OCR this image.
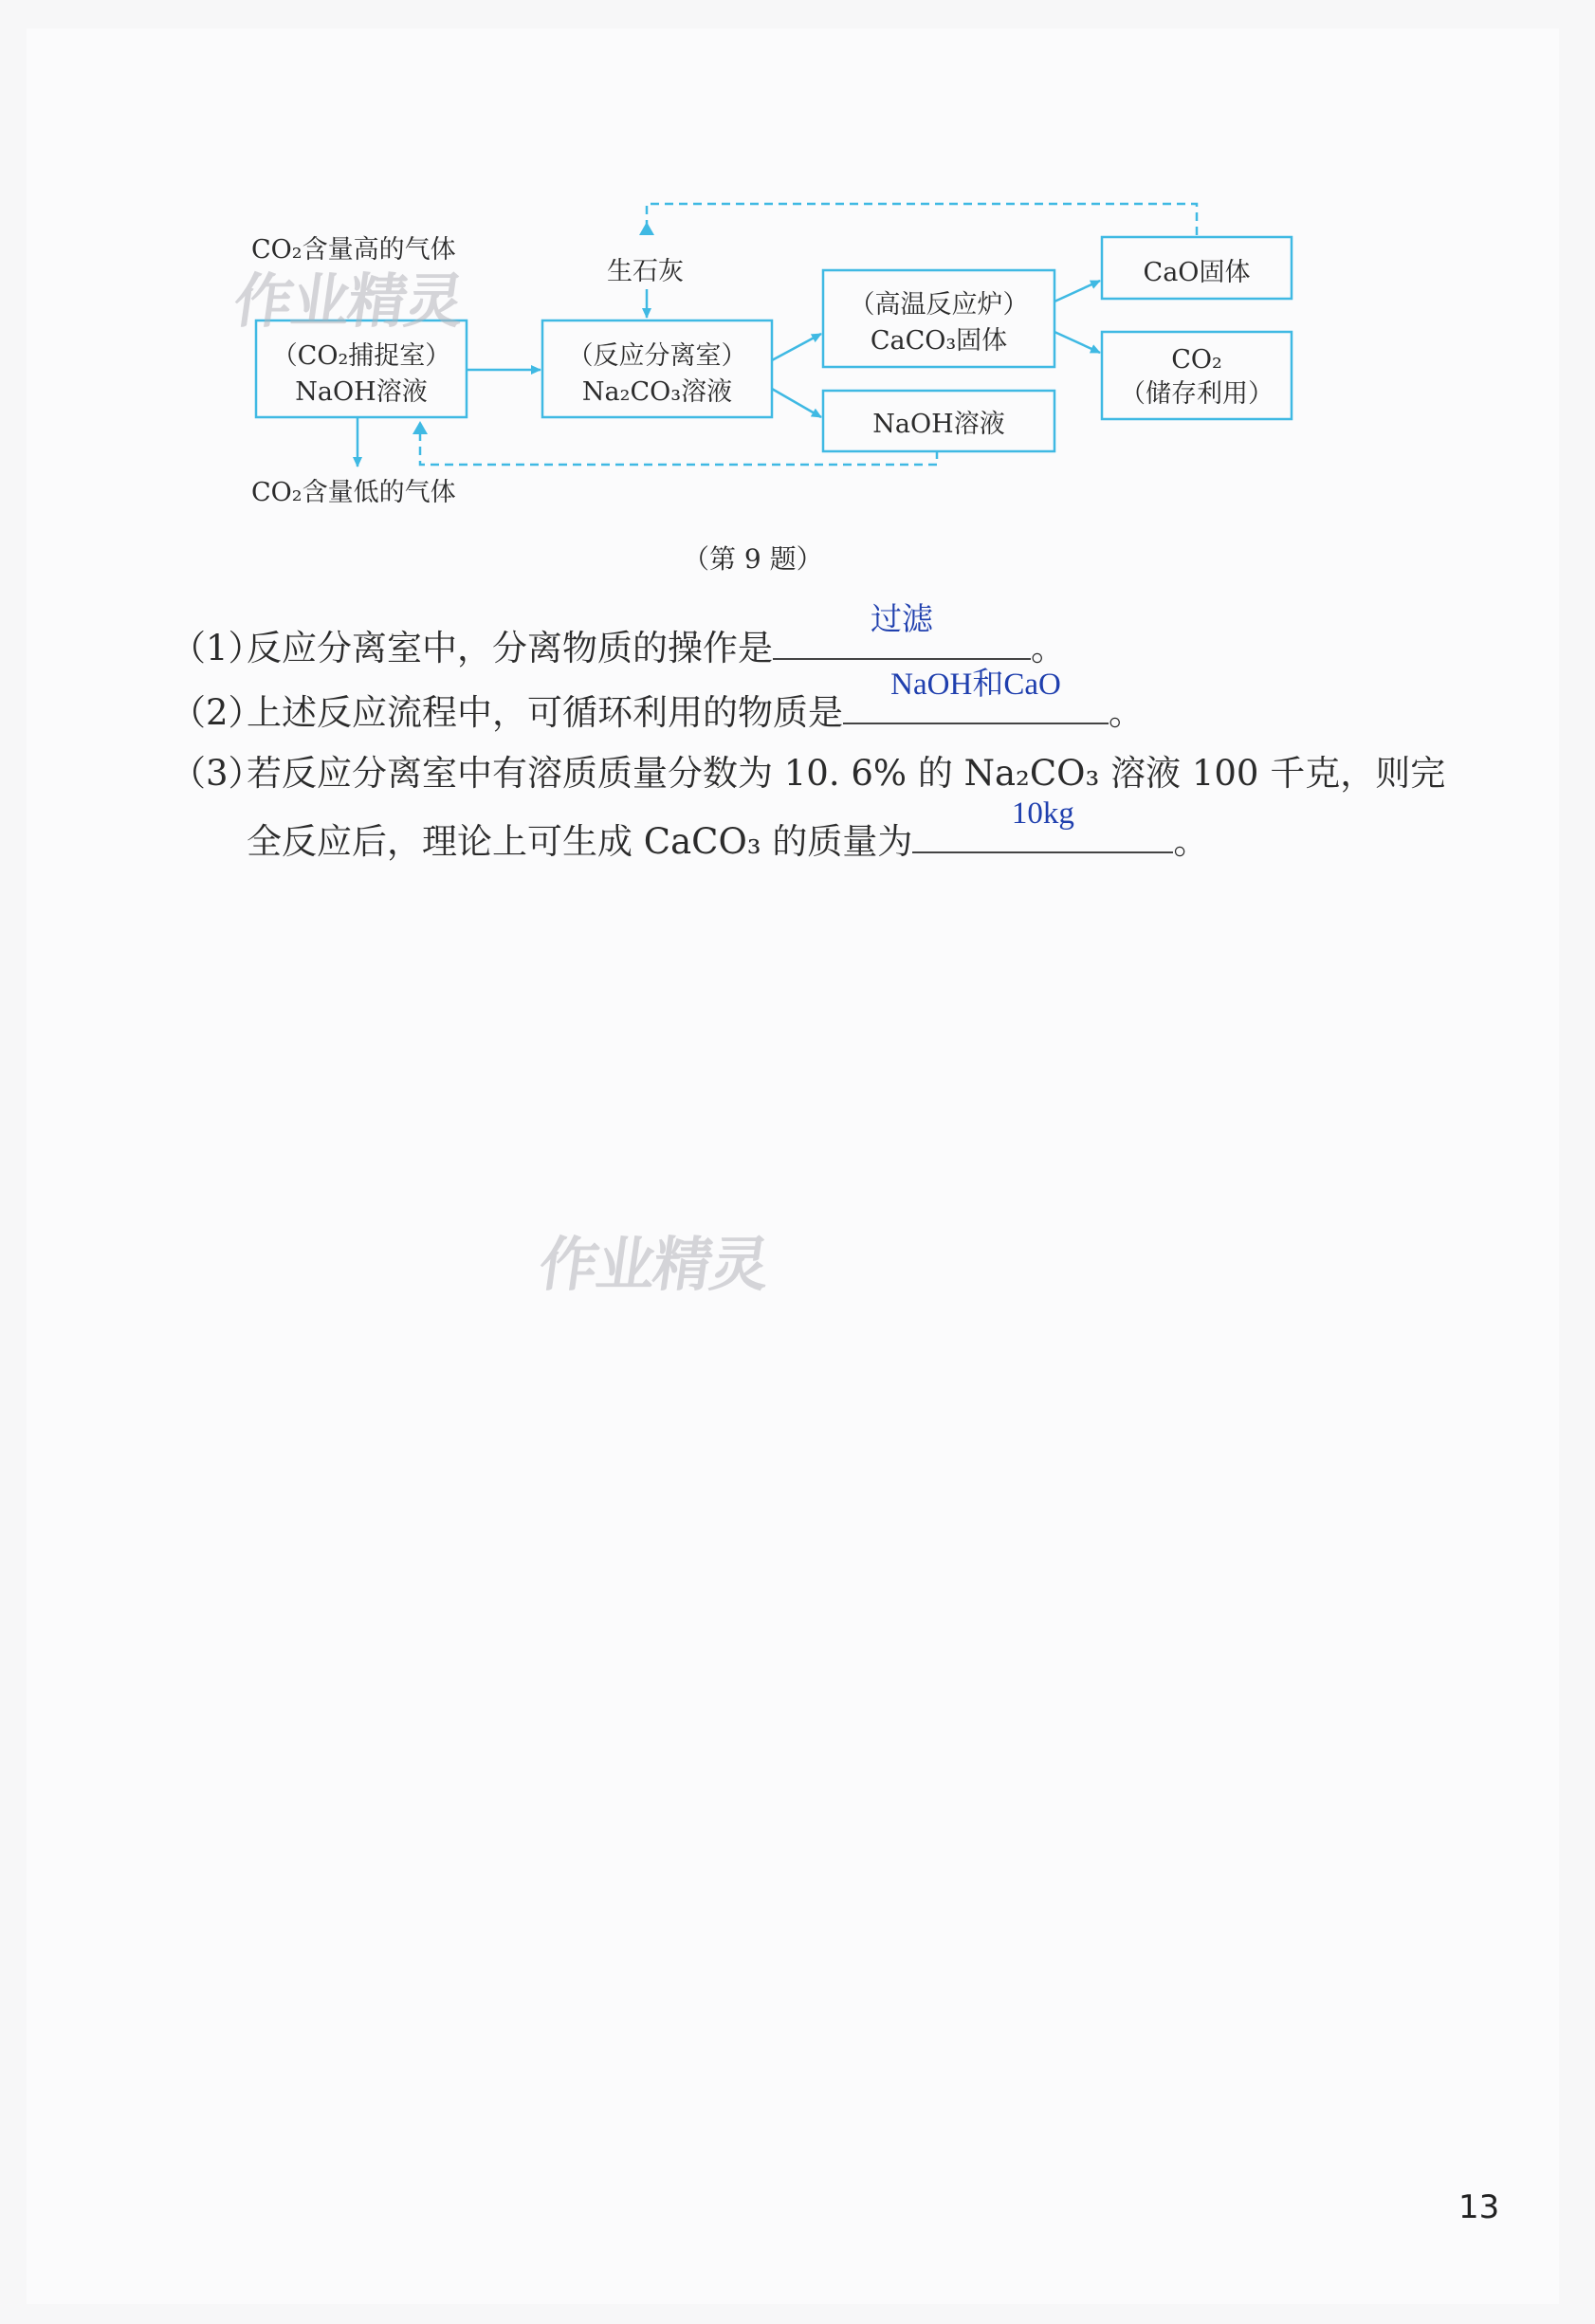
CO₂含量高的气体
CO₂含量低的气体
生石灰
（CO₂捕捉室）
NaOH溶液
（反应分离室）
Na₂CO₃溶液
（高温反应炉）
CaCO₃固体
NaOH溶液
CaO固体
CO₂
（储存利用）
作业精灵
作业精灵
（第 9 题）
（1）反应分离室中，分离物质的操作是
过滤
。
（2）上述反应流程中，可循环利用的物质是
NaOH和CaO
。
（3）若反应分离室中有溶质质量分数为 10. 6% 的 Na₂CO₃ 溶液 100 千克，则完
全反应后，理论上可生成 CaCO₃ 的质量为
10kg
。
13
